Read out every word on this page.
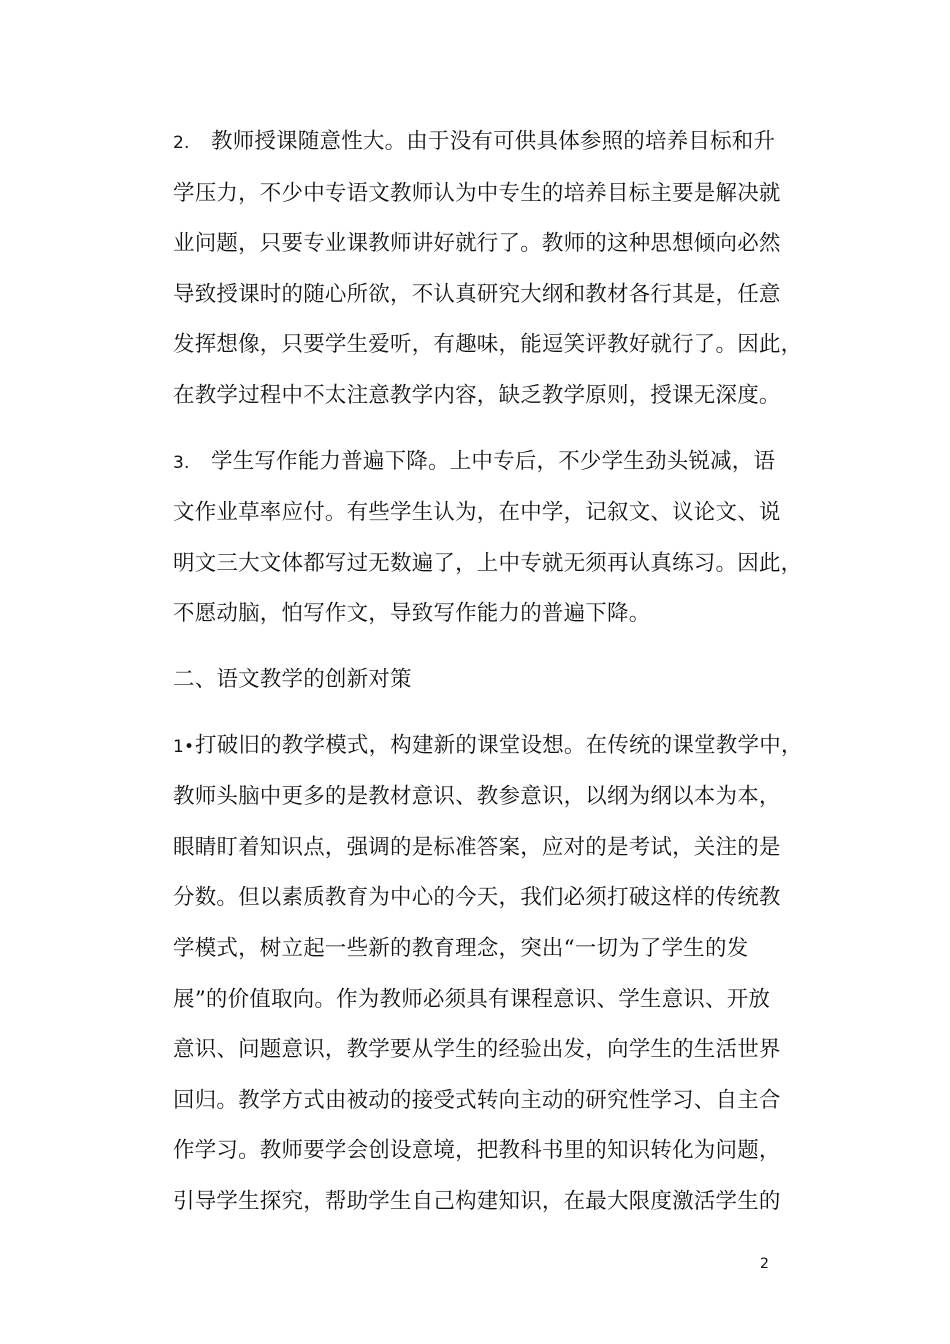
2. 教师授课随意性大。由于没有可供具体参照的培养目标和升
学压力，不少中专语文教师认为中专生的培养目标主要是解决就
业问题，只要专业课教师讲好就行了。教师的这种思想倾向必然
导致授课时的随心所欲，不认真研究大纲和教材各行其是，任意
发挥想像，只要学生爱听，有趣味，能逗笑评教好就行了。因此，
在教学过程中不太注意教学内容，缺乏教学原则，授课无深度。
3. 学生写作能力普遍下降。上中专后，不少学生劲头锐减，语
文作业草率应付。有些学生认为，在中学，记叙文、议论文、说
明文三大文体都写过无数遍了，上中专就无须再认真练习。因此，
不愿动脑，怕写作文，导致写作能力的普遍下降。
二、语文教学的创新对策
1•打破旧的教学模式，构建新的课堂设想。在传统的课堂教学中，
教师头脑中更多的是教材意识、教参意识，以纲为纲以本为本，
眼睛盯着知识点，强调的是标准答案，应对的是考试，关注的是
分数。但以素质教育为中心的今天，我们必须打破这样的传统教
学模式，树立起一些新的教育理念，突出“一切为了学生的发
展”的价值取向。作为教师必须具有课程意识、学生意识、开放
意识、问题意识，教学要从学生的经验出发，向学生的生活世界
回归。教学方式由被动的接受式转向主动的研究性学习、自主合
作学习。教师要学会创设意境，把教科书里的知识转化为问题，
引导学生探究，帮助学生自己构建知识，在最大限度激活学生的
2
